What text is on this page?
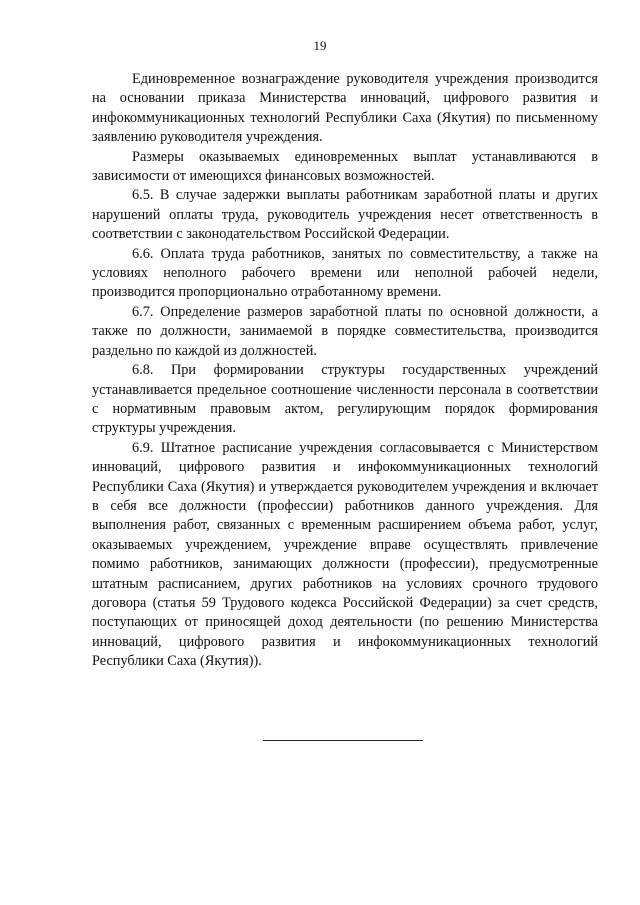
19

Единовременное вознаграждение руководителя учреждения производится на основании приказа Министерства инноваций, цифрового развития и инфокоммуникационных технологий Республики Саха (Якутия) по письменному заявлению руководителя учреждения.

Размеры оказываемых единовременных выплат устанавливаются в зависимости от имеющихся финансовых возможностей.

6.5. В случае задержки выплаты работникам заработной платы и других нарушений оплаты труда, руководитель учреждения несет ответственность в соответствии с законодательством Российской Федерации.

6.6. Оплата труда работников, занятых по совместительству, а также на условиях неполного рабочего времени или неполной рабочей недели, производится пропорционально отработанному времени.

6.7. Определение размеров заработной платы по основной должности, а также по должности, занимаемой в порядке совместительства, производится раздельно по каждой из должностей.

6.8. При формировании структуры государственных учреждений устанавливается предельное соотношение численности персонала в соответствии с нормативным правовым актом, регулирующим порядок формирования структуры учреждения.

6.9. Штатное расписание учреждения согласовывается с Министерством инноваций, цифрового развития и инфокоммуникационных технологий Республики Саха (Якутия) и утверждается руководителем учреждения и включает в себя все должности (профессии) работников данного учреждения. Для выполнения работ, связанных с временным расширением объема работ, услуг, оказываемых учреждением, учреждение вправе осуществлять привлечение помимо работников, занимающих должности (профессии), предусмотренные штатным расписанием, других работников на условиях срочного трудового договора (статья 59 Трудового кодекса Российской Федерации) за счет средств, поступающих от приносящей доход деятельности (по решению Министерства инноваций, цифрового развития и инфокоммуникационных технологий Республики Саха (Якутия)).
